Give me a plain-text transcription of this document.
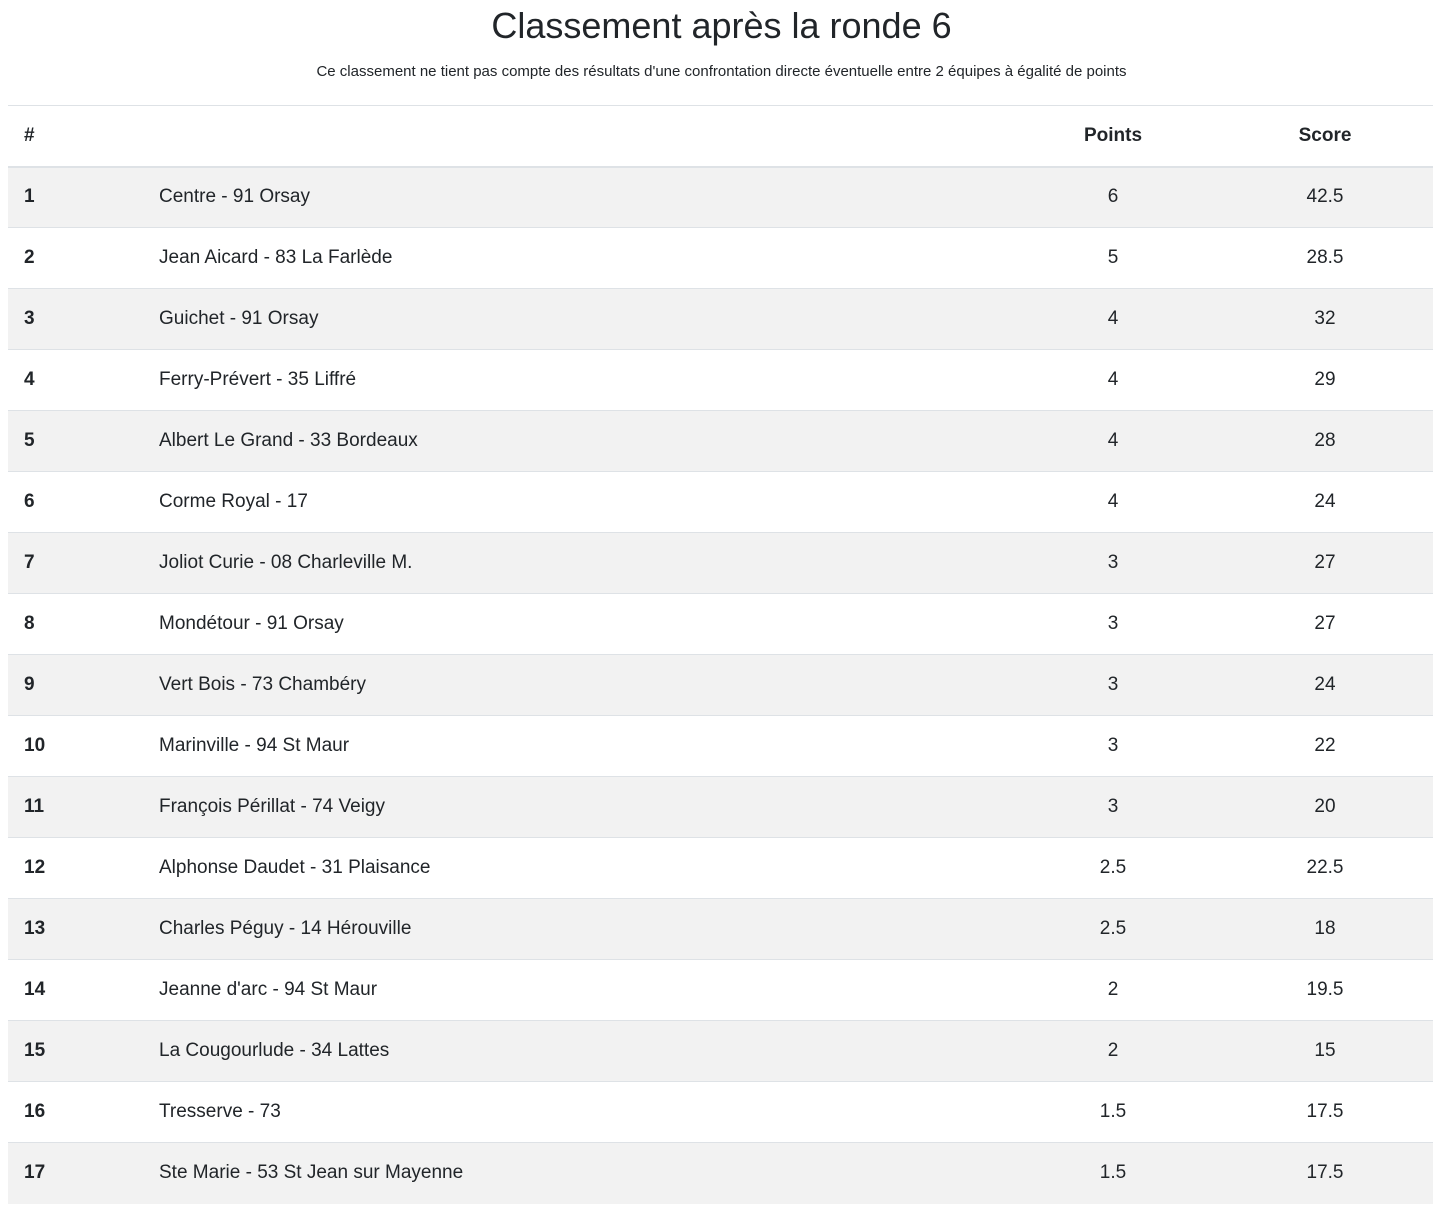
Classement après la ronde 6

Ce classement ne tient pas compte des résultats d'une confrontation directe éventuelle entre 2 équipes à égalité de points

#		Points	Score
1	Centre - 91 Orsay	6	42.5
2	Jean Aicard - 83 La Farlède	5	28.5
3	Guichet - 91 Orsay	4	32
4	Ferry-Prévert - 35 Liffré	4	29
5	Albert Le Grand - 33 Bordeaux	4	28
6	Corme Royal - 17	4	24
7	Joliot Curie - 08 Charleville M.	3	27
8	Mondétour - 91 Orsay	3	27
9	Vert Bois - 73 Chambéry	3	24
10	Marinville - 94 St Maur	3	22
11	François Périllat - 74 Veigy	3	20
12	Alphonse Daudet - 31 Plaisance	2.5	22.5
13	Charles Péguy - 14 Hérouville	2.5	18
14	Jeanne d'arc - 94 St Maur	2	19.5
15	La Cougourlude - 34 Lattes	2	15
16	Tresserve - 73	1.5	17.5
17	Ste Marie - 53 St Jean sur Mayenne	1.5	17.5
